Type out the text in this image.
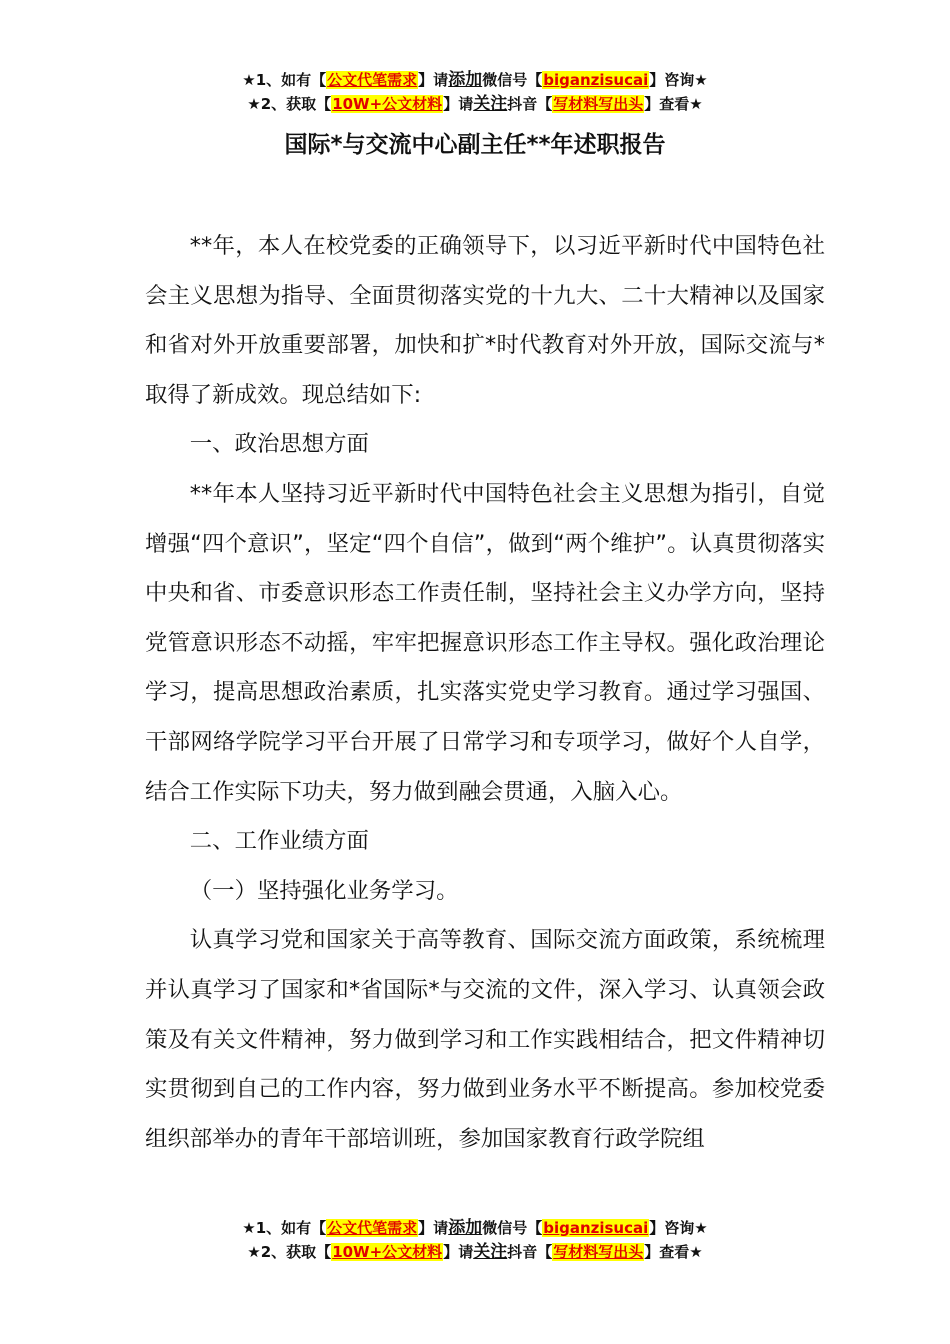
★1、如有【公文代笔需求】请添加微信号【biganzisucai】咨询★
★2、获取【10W+公文材料】请关注抖音【写材料写出头】查看★
国际*与交流中心副主任**年述职报告

**年，本人在校党委的正确领导下，以习近平新时代中国特色社会主义思想为指导、全面贯彻落实党的十九大、二十大精神以及国家和省对外开放重要部署，加快和扩*时代教育对外开放，国际交流与*取得了新成效。现总结如下:

一、政治思想方面

**年本人坚持习近平新时代中国特色社会主义思想为指引，自觉增强“四个意识”，坚定“四个自信”，做到“两个维护”。认真贯彻落实中央和省、市委意识形态工作责任制，坚持社会主义办学方向，坚持党管意识形态不动摇，牢牢把握意识形态工作主导权。强化政治理论学习，提高思想政治素质，扎实落实党史学习教育。通过学习强国、干部网络学院学习平台开展了日常学习和专项学习，做好个人自学，结合工作实际下功夫，努力做到融会贯通，入脑入心。

二、工作业绩方面

（一）坚持强化业务学习。

认真学习党和国家关于高等教育、国际交流方面政策，系统梳理并认真学习了国家和*省国际*与交流的文件，深入学习、认真领会政策及有关文件精神，努力做到学习和工作实践相结合，把文件精神切实贯彻到自己的工作内容，努力做到业务水平不断提高。参加校党委组织部举办的青年干部培训班，参加国家教育行政学院组

★1、如有【公文代笔需求】请添加微信号【biganzisucai】咨询★
★2、获取【10W+公文材料】请关注抖音【写材料写出头】查看★
